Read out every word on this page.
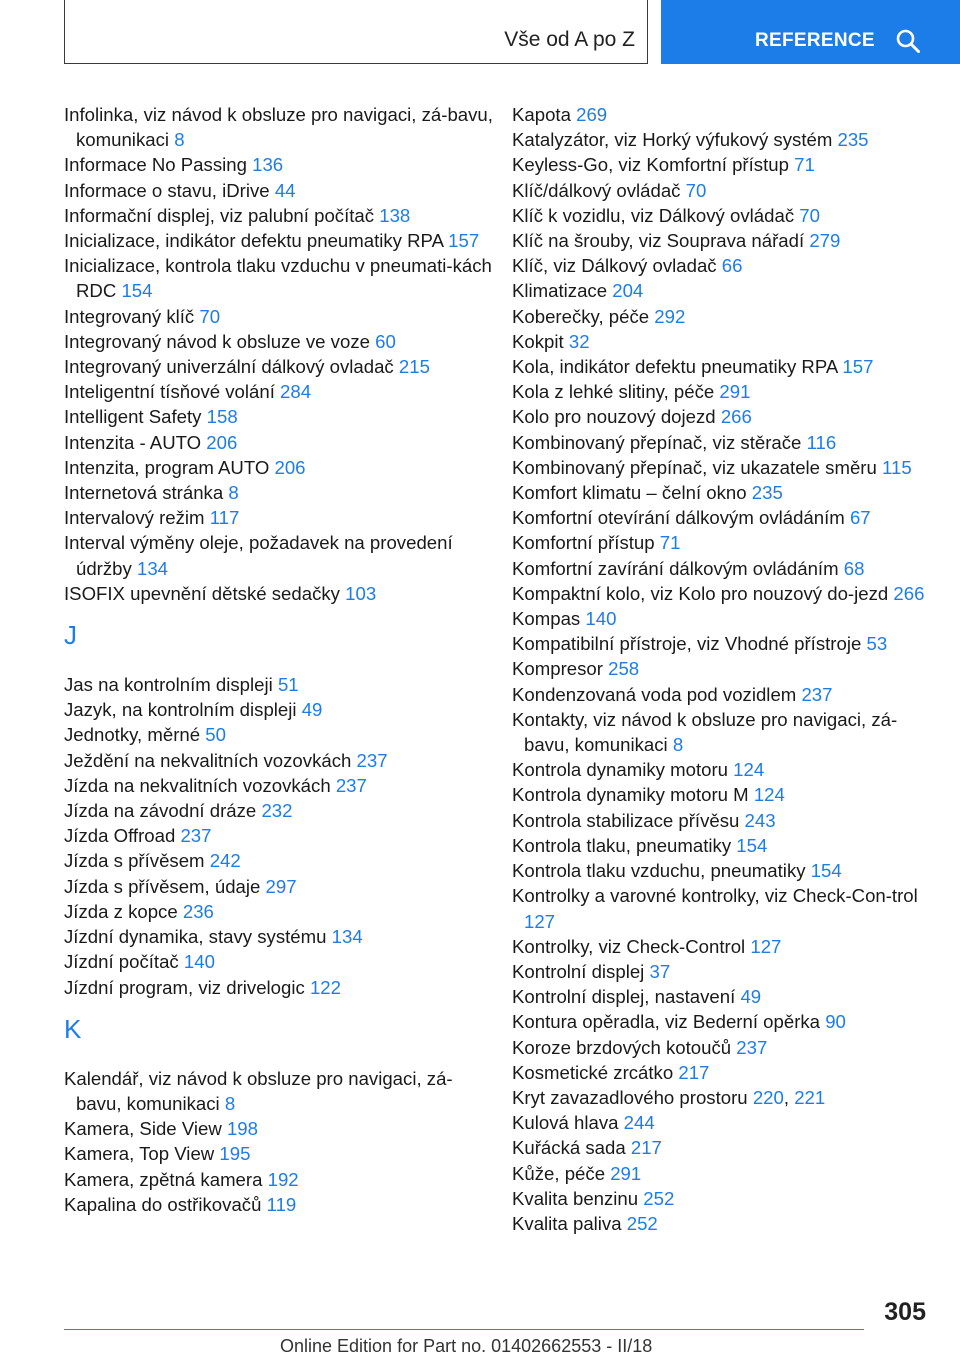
Vše od A po Z	REFERENCE
Infolinka, viz návod k obsluze pro navigaci, zá-bavu, komunikaci 8
Informace No Passing 136
Informace o stavu, iDrive 44
Informační displej, viz palubní počítač 138
Inicializace, indikátor defektu pneumatiky RPA 157
Inicializace, kontrola tlaku vzduchu v pneumati-kách RDC 154
Integrovaný klíč 70
Integrovaný návod k obsluze ve voze 60
Integrovaný univerzální dálkový ovladač 215
Inteligentní tísňové volání 284
Intelligent Safety 158
Intenzita - AUTO 206
Intenzita, program AUTO 206
Internetová stránka 8
Intervalový režim 117
Interval výměny oleje, požadavek na provedení údržby 134
ISOFIX upevnění dětské sedačky 103
J
Jas na kontrolním displeji 51
Jazyk, na kontrolním displeji 49
Jednotky, měrné 50
Ježdění na nekvalitních vozovkách 237
Jízda na nekvalitních vozovkách 237
Jízda na závodní dráze 232
Jízda Offroad 237
Jízda s přívěsem 242
Jízda s přívěsem, údaje 297
Jízda z kopce 236
Jízdní dynamika, stavy systému 134
Jízdní počítač 140
Jízdní program, viz drivelogic 122
K
Kalendář, viz návod k obsluze pro navigaci, zá-bavu, komunikaci 8
Kamera, Side View 198
Kamera, Top View 195
Kamera, zpětná kamera 192
Kapalina do ostřikovačů 119
Kapota 269
Katalyzátor, viz Horký výfukový systém 235
Keyless-Go, viz Komfortní přístup 71
Klíč/dálkový ovládač 70
Klíč k vozidlu, viz Dálkový ovládač 70
Klíč na šrouby, viz Souprava nářadí 279
Klíč, viz Dálkový ovladač 66
Klimatizace 204
Koberečky, péče 292
Kokpit 32
Kola, indikátor defektu pneumatiky RPA 157
Kola z lehké slitiny, péče 291
Kolo pro nouzový dojezd 266
Kombinovaný přepínač, viz stěrače 116
Kombinovaný přepínač, viz ukazatele směru 115
Komfort klimatu – čelní okno 235
Komfortní otevírání dálkovým ovládáním 67
Komfortní přístup 71
Komfortní zavírání dálkovým ovládáním 68
Kompaktní kolo, viz Kolo pro nouzový do-jezd 266
Kompas 140
Kompatibilní přístroje, viz Vhodné přístroje 53
Kompresor 258
Kondenzovaná voda pod vozidlem 237
Kontakty, viz návod k obsluze pro navigaci, zá-bavu, komunikaci 8
Kontrola dynamiky motoru 124
Kontrola dynamiky motoru M 124
Kontrola stabilizace přívěsu 243
Kontrola tlaku, pneumatiky 154
Kontrola tlaku vzduchu, pneumatiky 154
Kontrolky a varovné kontrolky, viz Check-Con-trol 127
Kontrolky, viz Check-Control 127
Kontrolní displej 37
Kontrolní displej, nastavení 49
Kontura opěradla, viz Bederní opěrka 90
Koroze brzdových kotoučů 237
Kosmetické zrcátko 217
Kryt zavazadlového prostoru 220, 221
Kulová hlava 244
Kuřácká sada 217
Kůže, péče 291
Kvalita benzinu 252
Kvalita paliva 252
305
Online Edition for Part no. 01402662553 - II/18
